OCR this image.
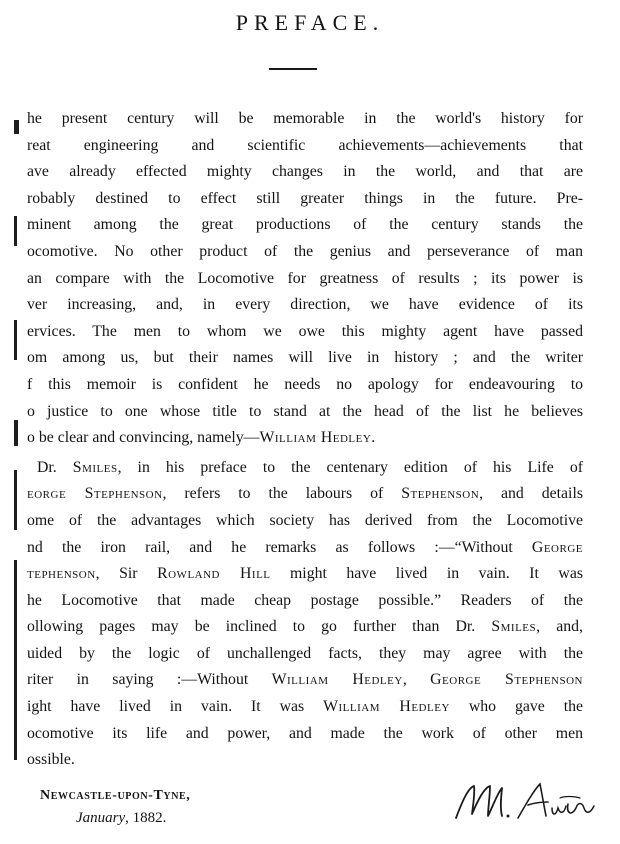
PREFACE.
he present century will be memorable in the world's history for
reat engineering and scientific achievements—achievements that
ave already effected mighty changes in the world, and that are
robably destined to effect still greater things in the future. Pre-
minent among the great productions of the century stands the
ocomotive. No other product of the genius and perseverance of man
an compare with the Locomotive for greatness of results ; its power is
ver increasing, and, in every direction, we have evidence of its
ervices. The men to whom we owe this mighty agent have passed
om among us, but their names will live in history ; and the writer
f this memoir is confident he needs no apology for endeavouring to
o justice to one whose title to stand at the head of the list he believes
o be clear and convincing, namely—William Hedley.
Dr. Smiles, in his preface to the centenary edition of his Life of
eorge Stephenson, refers to the labours of Stephenson, and details
ome of the advantages which society has derived from the Locomotive
nd the iron rail, and he remarks as follows :—“Without George
tephenson, Sir Rowland Hill might have lived in vain. It was
he Locomotive that made cheap postage possible.” Readers of the
ollowing pages may be inclined to go further than Dr. Smiles, and,
uided by the logic of unchallenged facts, they may agree with the
riter in saying :—Without William Hedley, George Stephenson
ight have lived in vain. It was William Hedley who gave the
ocomotive its life and power, and made the work of other men
ossible.
Newcastle-upon-Tyne,
January, 1882.
